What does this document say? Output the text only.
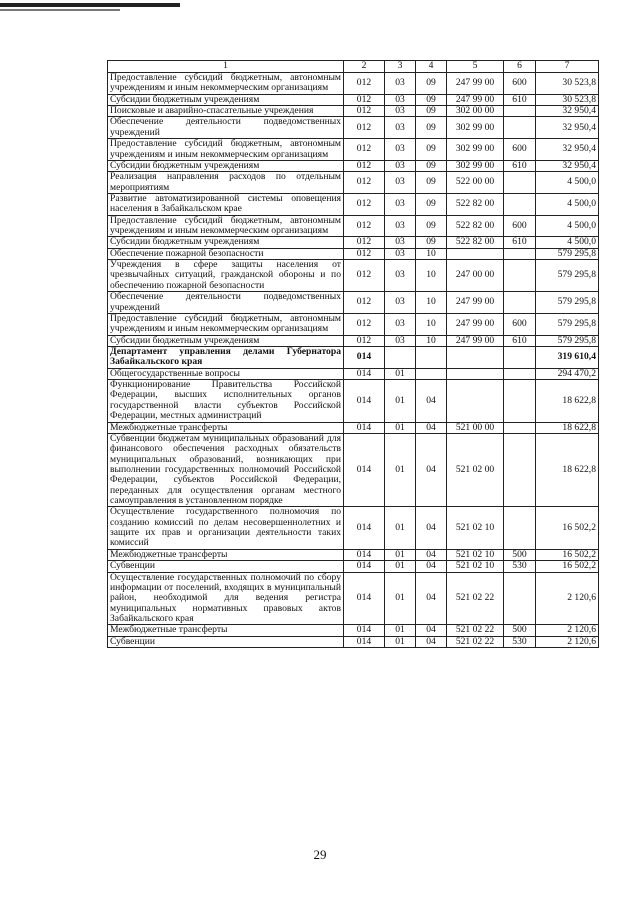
1	2	3	4	5	6	7
Предоставление субсидий бюджетным, автономным учреждениям и иным некоммерческим организациям	012	03	09	247 99 00	600	30 523,8
Субсидии бюджетным учреждениям	012	03	09	247 99 00	610	30 523,8
Поисковые и аварийно-спасательные учреждения	012	03	09	302 00 00		32 950,4
Обеспечение деятельности подведомственных учреждений	012	03	09	302 99 00		32 950,4
Предоставление субсидий бюджетным, автономным учреждениям и иным некоммерческим организациям	012	03	09	302 99 00	600	32 950,4
Субсидии бюджетным учреждениям	012	03	09	302 99 00	610	32 950,4
Реализация направления расходов по отдельным мероприятиям	012	03	09	522 00 00		4 500,0
Развитие автоматизированной системы оповещения населения в Забайкальском крае	012	03	09	522 82 00		4 500,0
Предоставление субсидий бюджетным, автономным учреждениям и иным некоммерческим организациям	012	03	09	522 82 00	600	4 500,0
Субсидии бюджетным учреждениям	012	03	09	522 82 00	610	4 500,0
Обеспечение пожарной безопасности	012	03	10			579 295,8
Учреждения в сфере защиты населения от чрезвычайных ситуаций, гражданской обороны и по обеспечению пожарной безопасности	012	03	10	247 00 00		579 295,8
Обеспечение деятельности подведомственных учреждений	012	03	10	247 99 00		579 295,8
Предоставление субсидий бюджетным, автономным учреждениям и иным некоммерческим организациям	012	03	10	247 99 00	600	579 295,8
Субсидии бюджетным учреждениям	012	03	10	247 99 00	610	579 295,8
Департамент управления делами Губернатора Забайкальского края	014					319 610,4
Общегосударственные вопросы	014	01				294 470,2
Функционирование Правительства Российской Федерации, высших исполнительных органов государственной власти субъектов Российской Федерации, местных администраций	014	01	04			18 622,8
Межбюджетные трансферты	014	01	04	521 00 00		18 622,8
Субвенции бюджетам муниципальных образований для финансового обеспечения расходных обязательств муниципальных образований, возникающих при выполнении государственных полномочий Российской Федерации, субъектов Российской Федерации, переданных для осуществления органам местного самоуправления в установленном порядке	014	01	04	521 02 00		18 622,8
Осуществление государственного полномочия по созданию комиссий по делам несовершеннолетних и защите их прав и организации деятельности таких комиссий	014	01	04	521 02 10		16 502,2
Межбюджетные трансферты	014	01	04	521 02 10	500	16 502,2
Субвенции	014	01	04	521 02 10	530	16 502,2
Осуществление государственных полномочий по сбору информации от поселений, входящих в муниципальный район, необходимой для ведения регистра муниципальных нормативных правовых актов Забайкальского края	014	01	04	521 02 22		2 120,6
Межбюджетные трансферты	014	01	04	521 02 22	500	2 120,6
Субвенции	014	01	04	521 02 22	530	2 120,6
29
